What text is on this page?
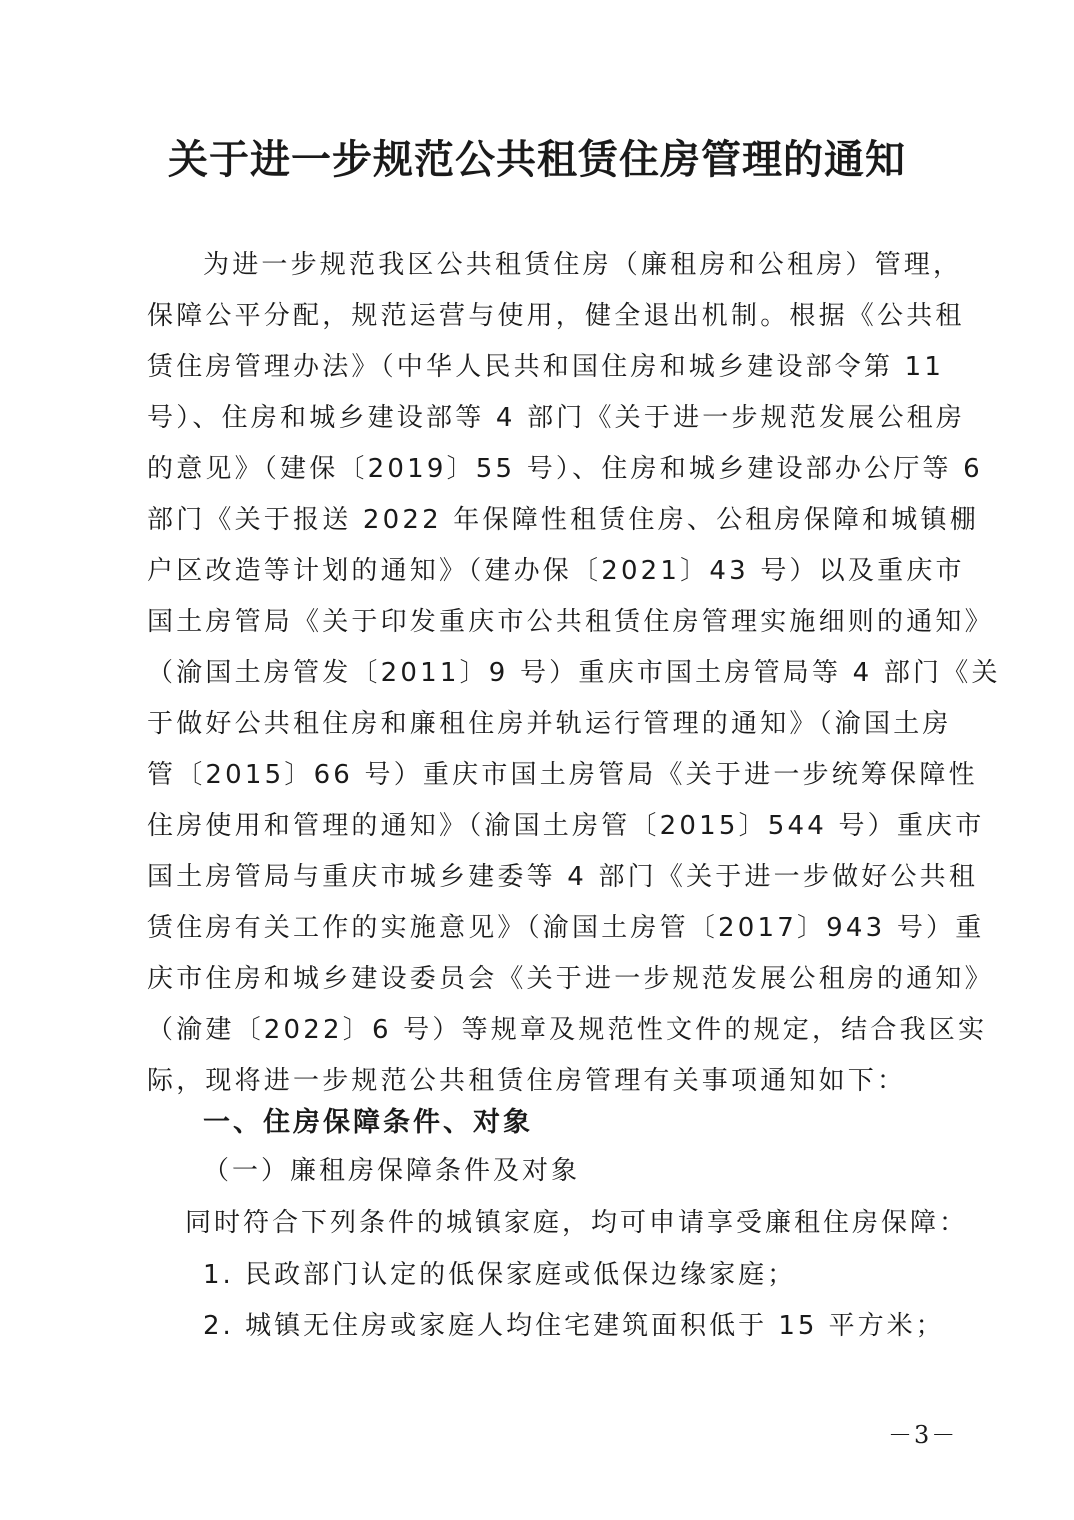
关于进一步规范公共租赁住房管理的通知
为进一步规范我区公共租赁住房（廉租房和公租房）管理，
保障公平分配，规范运营与使用，健全退出机制。根据《公共租
赁住房管理办法》（中华人民共和国住房和城乡建设部令第 11
号）、住房和城乡建设部等 4 部门《关于进一步规范发展公租房
的意见》（建保〔2019〕55 号）、住房和城乡建设部办公厅等 6
部门《关于报送 2022 年保障性租赁住房、公租房保障和城镇棚
户区改造等计划的通知》（建办保〔2021〕43 号）以及重庆市
国土房管局《关于印发重庆市公共租赁住房管理实施细则的通知》
（渝国土房管发〔2011〕9 号）重庆市国土房管局等 4 部门《关
于做好公共租住房和廉租住房并轨运行管理的通知》（渝国土房
管〔2015〕66 号）重庆市国土房管局《关于进一步统筹保障性
住房使用和管理的通知》（渝国土房管〔2015〕544 号）重庆市
国土房管局与重庆市城乡建委等 4 部门《关于进一步做好公共租
赁住房有关工作的实施意见》（渝国土房管〔2017〕943 号）重
庆市住房和城乡建设委员会《关于进一步规范发展公租房的通知》
（渝建〔2022〕6 号）等规章及规范性文件的规定，结合我区实
际，现将进一步规范公共租赁住房管理有关事项通知如下：
一、住房保障条件、对象
（一）廉租房保障条件及对象
同时符合下列条件的城镇家庭，均可申请享受廉租住房保障：
1. 民政部门认定的低保家庭或低保边缘家庭；
2. 城镇无住房或家庭人均住宅建筑面积低于 15 平方米；
－3－
